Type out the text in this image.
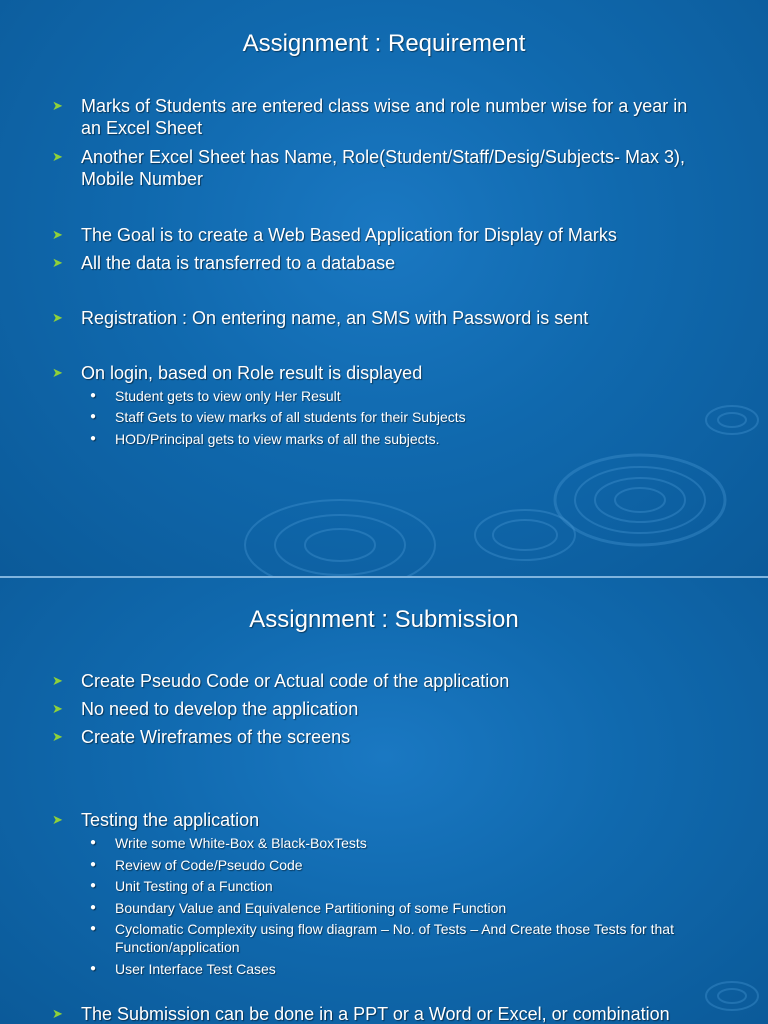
Assignment : Requirement
➤ Marks of Students are entered class wise and role number wise for a year in
an Excel Sheet
➤ Another Excel Sheet has Name, Role(Student/Staff/Desig/Subjects- Max 3),
Mobile Number
➤ The Goal is to create a Web Based Application for Display of Marks
➤ All the data is transferred to a database
➤ Registration : On entering name, an SMS with Password is sent
➤ On login, based on Role result is displayed
● Student gets to view only Her Result
● Staff Gets to view marks of all students for their Subjects
● HOD/Principal gets to view marks of all the subjects.
Assignment : Submission
➤ Create Pseudo Code or Actual code of the application
➤ No need to develop the application
➤ Create Wireframes of the screens
➤ Testing the application
● Write some White-Box & Black-BoxTests
● Review of Code/Pseudo Code
● Unit Testing of a Function
● Boundary Value and Equivalence Partitioning of some Function
● Cyclomatic Complexity using flow diagram – No. of Tests – And Create those Tests for that
Function/application
● User Interface Test Cases
➤ The Submission can be done in a PPT or a Word or Excel, or combination
